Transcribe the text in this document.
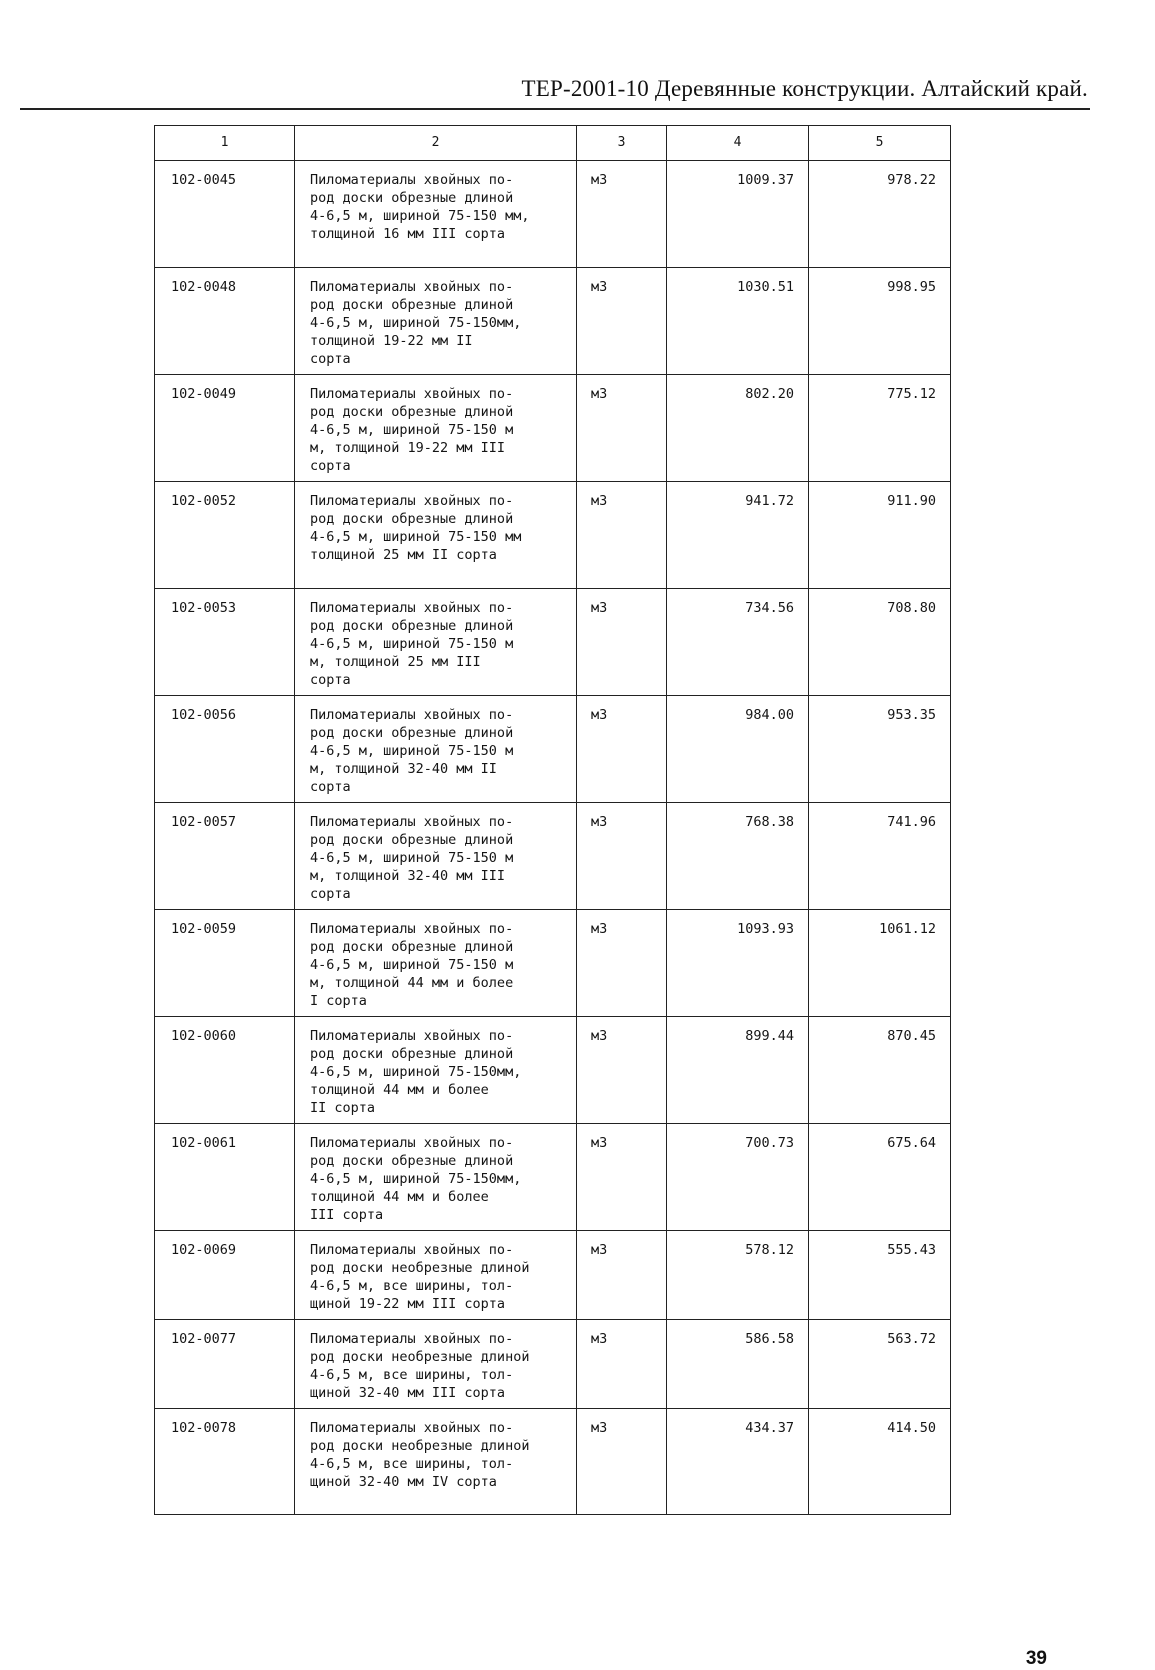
ТЕР-2001-10 Деревянные конструкции. Алтайский край.
1	2	3	4	5

102-0045	Пиломатериалы хвойных по-
род доски обрезные длиной
4-6,5 м, шириной 75-150 мм,
толщиной 16 мм III сорта	м3	1009.37	978.22

102-0048	Пиломатериалы хвойных по-
род доски обрезные длиной
4-6,5 м, шириной 75-150мм,
толщиной 19-22 мм II
сорта	м3	1030.51	998.95

102-0049	Пиломатериалы хвойных по-
род доски обрезные длиной
4-6,5 м, шириной 75-150 м
м, толщиной 19-22 мм III
сорта	м3	802.20	775.12

102-0052	Пиломатериалы хвойных по-
род доски обрезные длиной
4-6,5 м, шириной 75-150 мм
толщиной 25 мм II сорта	м3	941.72	911.90

102-0053	Пиломатериалы хвойных по-
род доски обрезные длиной
4-6,5 м, шириной 75-150 м
м, толщиной 25 мм III
сорта	м3	734.56	708.80

102-0056	Пиломатериалы хвойных по-
род доски обрезные длиной
4-6,5 м, шириной 75-150 м
м, толщиной 32-40 мм II
сорта	м3	984.00	953.35

102-0057	Пиломатериалы хвойных по-
род доски обрезные длиной
4-6,5 м, шириной 75-150 м
м, толщиной 32-40 мм III
сорта	м3	768.38	741.96

102-0059	Пиломатериалы хвойных по-
род доски обрезные длиной
4-6,5 м, шириной 75-150 м
м, толщиной 44 мм и более
I сорта	м3	1093.93	1061.12

102-0060	Пиломатериалы хвойных по-
род доски обрезные длиной
4-6,5 м, шириной 75-150мм,
толщиной 44 мм и более
II сорта	м3	899.44	870.45

102-0061	Пиломатериалы хвойных по-
род доски обрезные длиной
4-6,5 м, шириной 75-150мм,
толщиной 44 мм и более
III сорта	м3	700.73	675.64

102-0069	Пиломатериалы хвойных по-
род доски необрезные длиной
4-6,5 м, все ширины, тол-
щиной 19-22 мм III сорта	м3	578.12	555.43

102-0077	Пиломатериалы хвойных по-
род доски необрезные длиной
4-6,5 м, все ширины, тол-
щиной 32-40 мм III сорта	м3	586.58	563.72

102-0078	Пиломатериалы хвойных по-
род доски необрезные длиной
4-6,5 м, все ширины, тол-
щиной 32-40 мм IV сорта	м3	434.37	414.50
39
